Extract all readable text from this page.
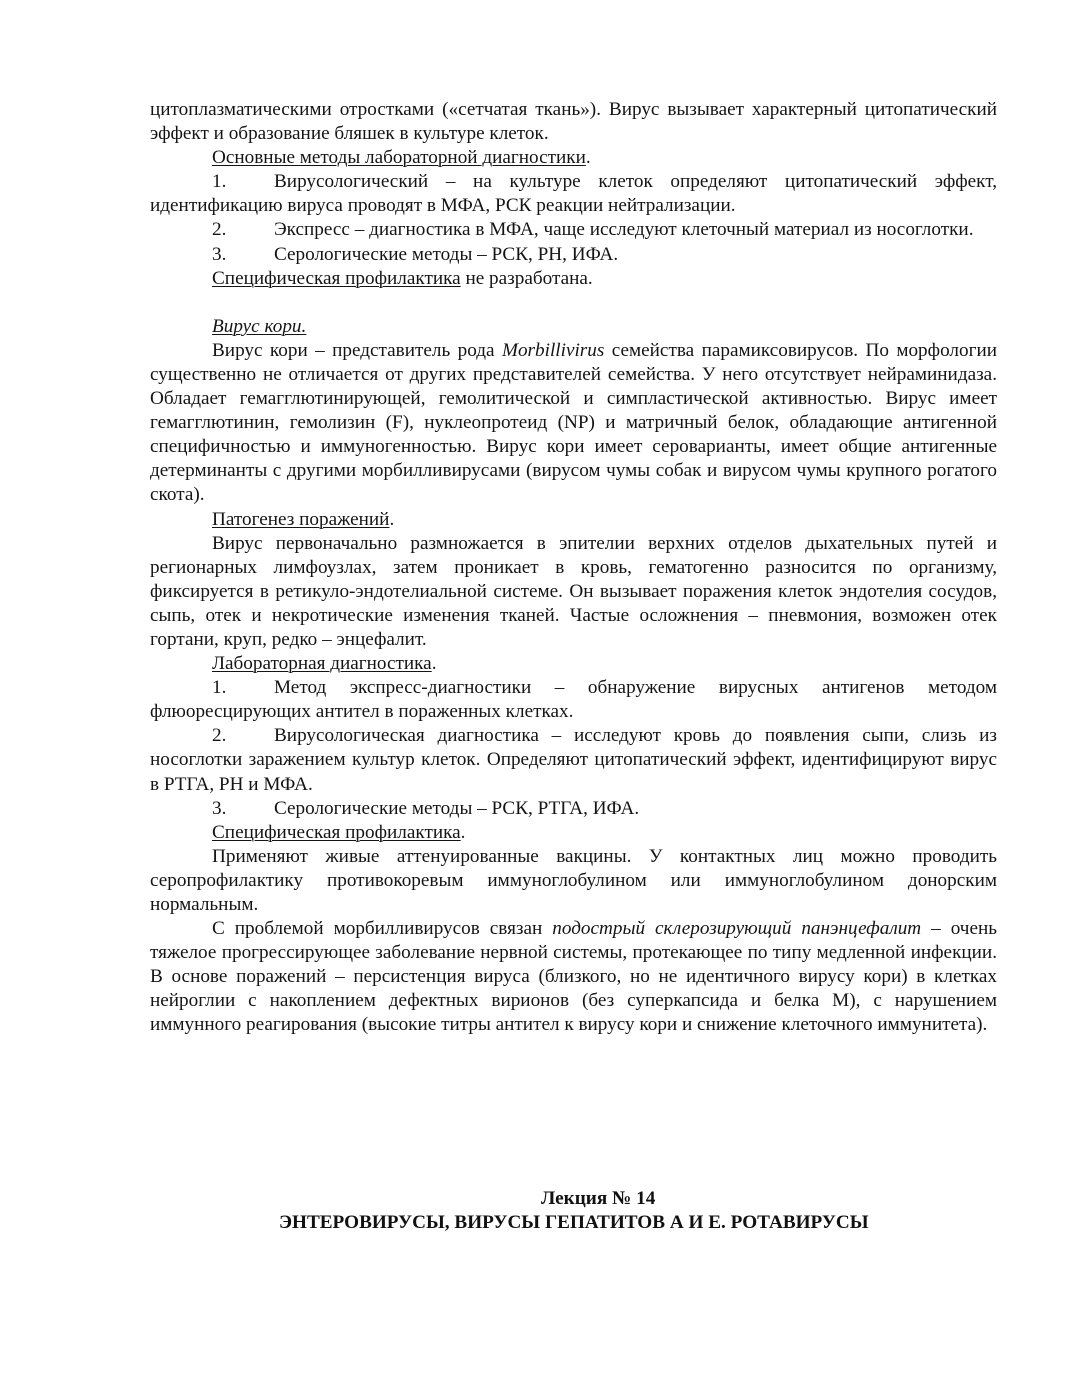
цитоплазматическими отростками («сетчатая ткань»). Вирус вызывает характерный цитопатический эффект и образование бляшек в культуре клеток.

Основные методы лабораторной диагностики.

1. Вирусологический – на культуре клеток определяют цитопатический эффект, идентификацию вируса проводят в МФА, РСК реакции нейтрализации.

2. Экспресс – диагностика в МФА, чаще исследуют клеточный материал из носоглотки.

3. Серологические методы – РСК, РН, ИФА.

Специфическая профилактика не разработана.

Вирус кори.

Вирус кори – представитель рода Morbillivirus семейства парамиксовирусов. По морфологии существенно не отличается от других представителей семейства. У него отсутствует нейраминидаза. Обладает гемагглютинирующей, гемолитической и симпластической активностью. Вирус имеет гемагглютинин, гемолизин (F), нуклеопротеид (NP) и матричный белок, обладающие антигенной специфичностью и иммуногенностью. Вирус кори имеет сероварианты, имеет общие антигенные детерминанты с другими морбилливирусами (вирусом чумы собак и вирусом чумы крупного рогатого скота).

Патогенез поражений.

Вирус первоначально размножается в эпителии верхних отделов дыхательных путей и регионарных лимфоузлах, затем проникает в кровь, гематогенно разносится по организму, фиксируется в ретикуло-эндотелиальной системе. Он вызывает поражения клеток эндотелия сосудов, сыпь, отек и некротические изменения тканей. Частые осложнения – пневмония, возможен отек гортани, круп, редко – энцефалит.

Лабораторная диагностика.

1. Метод экспресс-диагностики – обнаружение вирусных антигенов методом флюоресцирующих антител в пораженных клетках.

2. Вирусологическая диагностика – исследуют кровь до появления сыпи, слизь из носоглотки заражением культур клеток. Определяют цитопатический эффект, идентифицируют вирус в РТГА, РН и МФА.

3. Серологические методы – РСК, РТГА, ИФА.

Специфическая профилактика.

Применяют живые аттенуированные вакцины. У контактных лиц можно проводить серопрофилактику противокоревым иммуноглобулином или иммуноглобулином донорским нормальным.

С проблемой морбилливирусов связан подострый склерозирующий панэнцефалит – очень тяжелое прогрессирующее заболевание нервной системы, протекающее по типу медленной инфекции. В основе поражений – персистенция вируса (близкого, но не идентичного вирусу кори) в клетках нейроглии с накоплением дефектных вирионов (без суперкапсида и белка М), с нарушением иммунного реагирования (высокие титры антител к вирусу кори и снижение клеточного иммунитета).

Лекция № 14
ЭНТЕРОВИРУСЫ, ВИРУСЫ ГЕПАТИТОВ А И Е. РОТАВИРУСЫ
